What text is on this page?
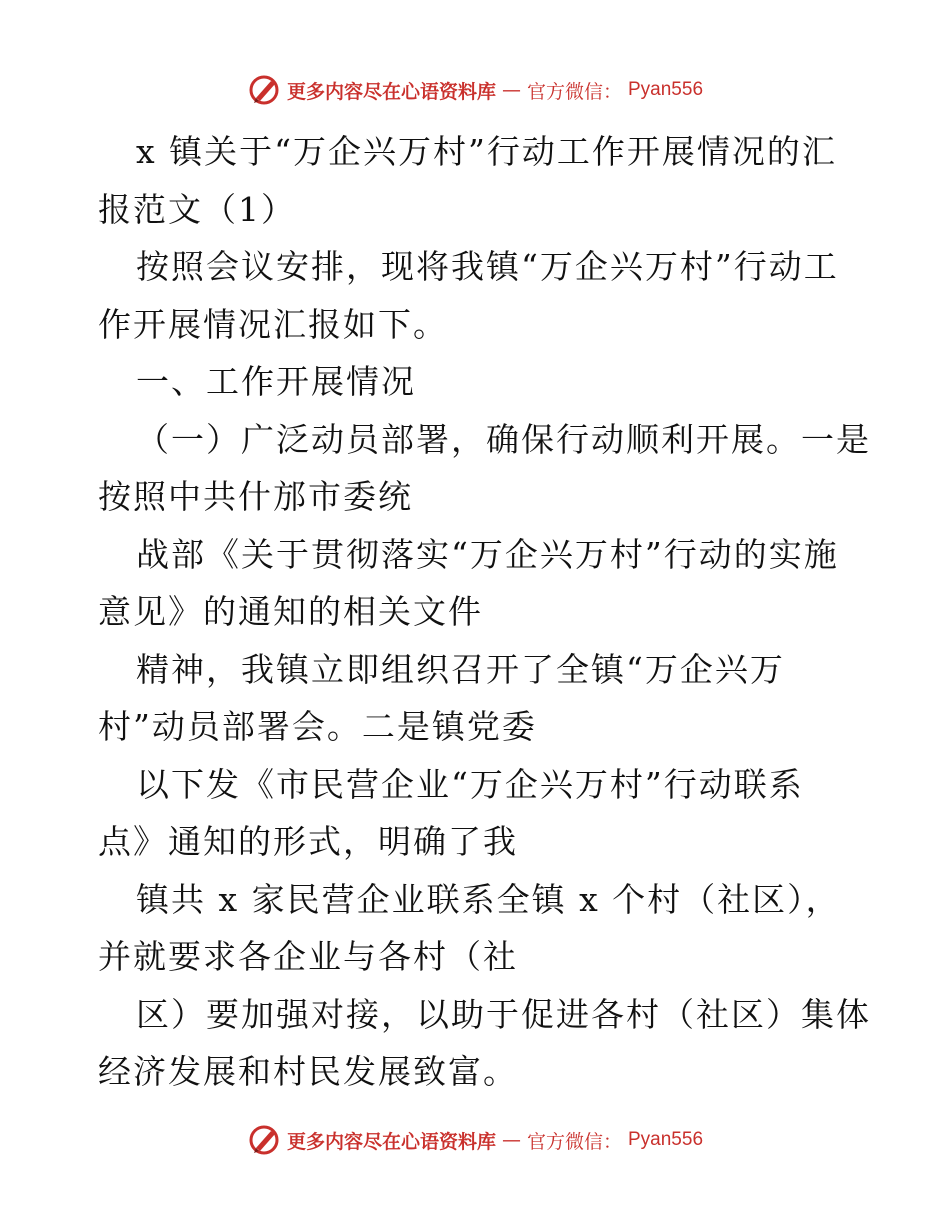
更多内容尽在心语资料库 — 官方微信： Pyan556
x 镇关于“万企兴万村”行动工作开展情况的汇
报范文（1）
按照会议安排，现将我镇“万企兴万村”行动工
作开展情况汇报如下。
一、工作开展情况
（一）广泛动员部署，确保行动顺利开展。一是
按照中共什邡市委统
战部《关于贯彻落实“万企兴万村”行动的实施
意见》的通知的相关文件
精神，我镇立即组织召开了全镇“万企兴万
村”动员部署会。二是镇党委
以下发《市民营企业“万企兴万村”行动联系
点》通知的形式，明确了我
镇共 x 家民营企业联系全镇 x 个村（社区），
并就要求各企业与各村（社
区）要加强对接，以助于促进各村（社区）集体
经济发展和村民发展致富。
更多内容尽在心语资料库 — 官方微信： Pyan556
